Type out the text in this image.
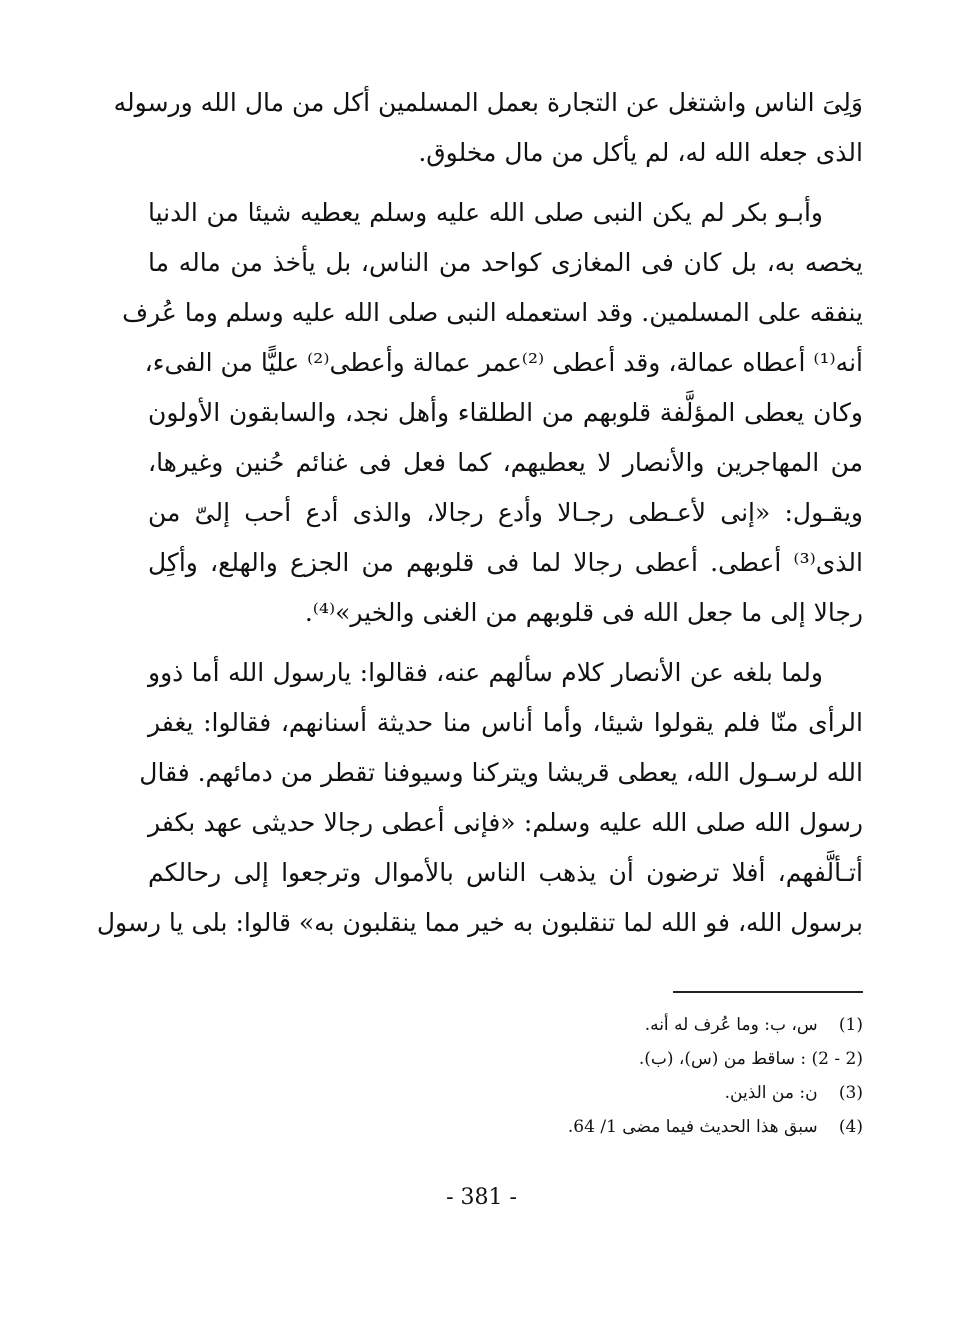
وَلِىَ الناس واشتغل عن التجارة بعمل المسلمين أكل من مال الله ورسوله
الذى جعله الله له، لم يأكل من مال مخلوق.

وأبـو بكر لم يكن النبى صلى الله عليه وسلم يعطيه شيئا من الدنيا
يخصه به، بل كان فى المغازى كواحد من الناس، بل يأخذ من ماله ما
ينفقه على المسلمين. وقد استعمله النبى صلى الله عليه وسلم وما عُرف
أنه⁽¹⁾ أعطاه عمالة، وقد أعطى ⁽²⁾عمر عمالة وأعطى⁽²⁾ عليًّا من الفىء،
وكان يعطى المؤلَّفة قلوبهم من الطلقاء وأهل نجد، والسابقون الأولون
من المهاجرين والأنصار لا يعطيهم، كما فعل فى غنائم حُنين وغيرها،
ويقـول: «إنى لأعـطى رجـالا وأدع رجالا، والذى أدع أحب إلىّ من
الذى⁽³⁾ أعطى. أعطى رجالا لما فى قلوبهم من الجزع والهلع، وأكِل
رجالا إلى ما جعل الله فى قلوبهم من الغنى والخير»⁽⁴⁾.

ولما بلغه عن الأنصار كلام سألهم عنه، فقالوا: يارسول الله أما ذوو
الرأى منّا فلم يقولوا شيئا، وأما أناس منا حديثة أسنانهم، فقالوا: يغفر
الله لرسـول الله، يعطى قريشا ويتركنا وسيوفنا تقطر من دمائهم. فقال
رسول الله صلى الله عليه وسلم: «فإنى أعطى رجالا حديثى عهد بكفر
أتـألَّفهم، أفلا ترضون أن يذهب الناس بالأموال وترجعوا إلى رحالكم
برسول الله، فو الله لما تنقلبون به خير مما ينقلبون به» قالوا: بلى يا رسول

(1) س، ب: وما عُرف له أنه.
(2 - 2) : ساقط من (س)، (ب).
(3) ن: من الذين.
(4) سبق هذا الحديث فيما مضى 1/ 64.
- 381 -
